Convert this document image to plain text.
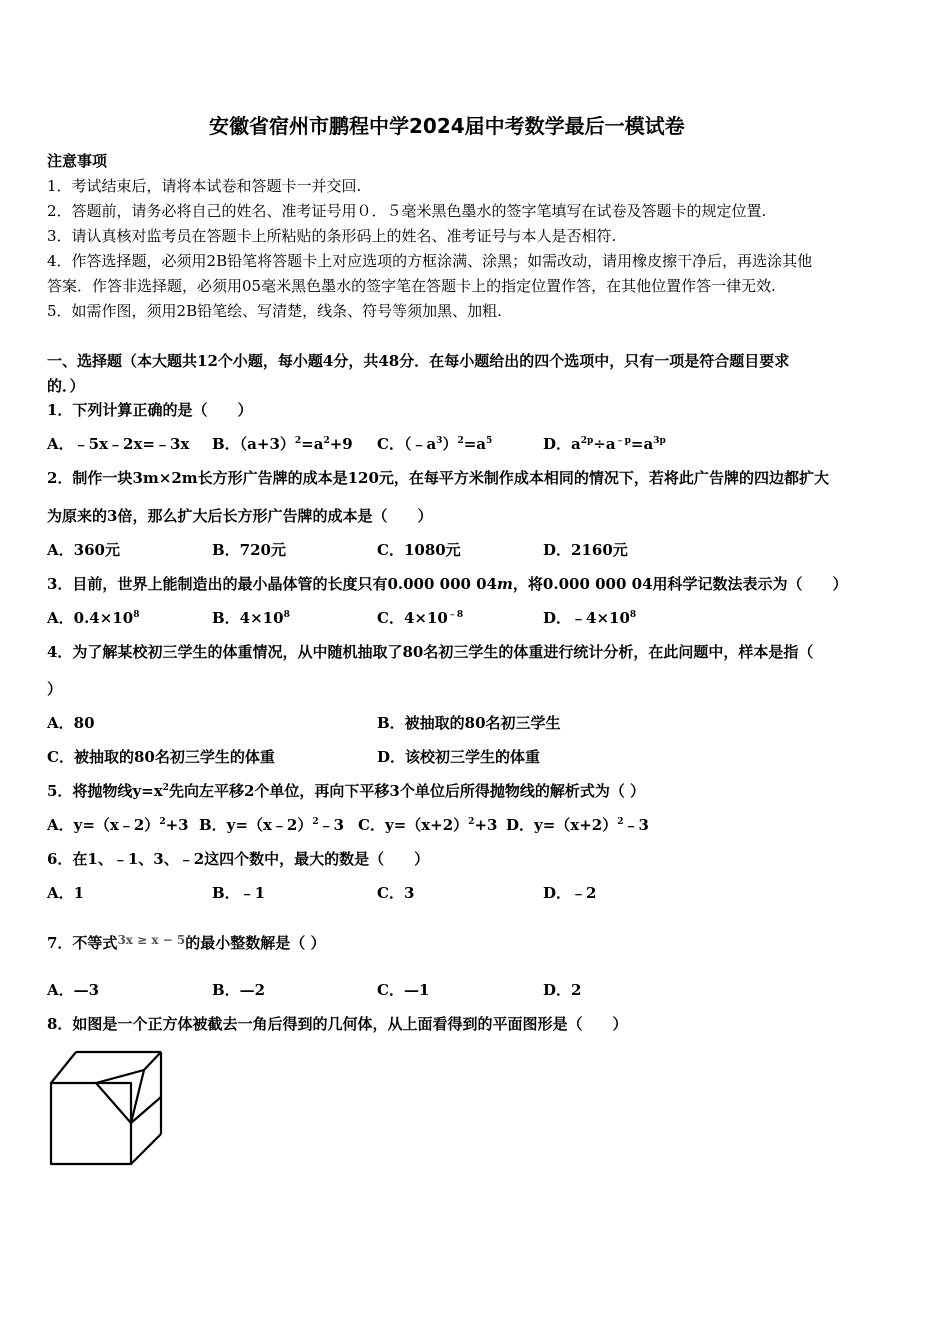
安徽省宿州市鹏程中学2024届中考数学最后一模试卷
注意事项
1．考试结束后，请将本试卷和答题卡一并交回.
2．答题前，请务必将自己的姓名、准考证号用０．５毫米黑色墨水的签字笔填写在试卷及答题卡的规定位置.
3．请认真核对监考员在答题卡上所粘贴的条形码上的姓名、准考证号与本人是否相符.
4．作答选择题，必须用2B铅笔将答题卡上对应选项的方框涂满、涂黑；如需改动，请用橡皮擦干净后，再选涂其他
答案．作答非选择题，必须用05毫米黑色墨水的签字笔在答题卡上的指定位置作答，在其他位置作答一律无效.
5．如需作图，须用2B铅笔绘、写清楚，线条、符号等须加黑、加粗.
一、选择题（本大题共12个小题，每小题4分，共48分．在每小题给出的四个选项中，只有一项是符合题目要求
的．）
1．下列计算正确的是（　　）
A．﹣5x﹣2x=﹣3x B．$(a+3)^2=a^2+9$ C．$(﹣a^3)^2=a^5$	D．$a^{2p}\div a^{﹣p}=a^{3p}$
2．制作一块3m×2m长方形广告牌的成本是120元，在每平方米制作成本相同的情况下，若将此广告牌的四边都扩大
为原来的3倍，那么扩大后长方形广告牌的成本是（　　）
A．360元	B．720元	C．1080元	D．2160元
3．目前，世界上能制造出的最小晶体管的长度只有0.000 000 04m，将0.000 000 04用科学记数法表示为（　　）
A．$0.4\times 10^8$	B．$4\times 10^8$	C．$4\times 10^{﹣8}$	D．$﹣4\times 10^8$
4．为了解某校初三学生的体重情况，从中随机抽取了80名初三学生的体重进行统计分析，在此问题中，样本是指（
）
A．80	B．被抽取的80名初三学生
C．被抽取的80名初三学生的体重	D．该校初三学生的体重
5．将抛物线$y=x^2$先向左平移2个单位，再向下平移3个单位后所得抛物线的解析式为（ ）
A．y=（x﹣2）$^2$+3 B．y=（x﹣2）$^2$﹣3 C．$y=(x+2)^2+3$ D．$y=(x+2)^2﹣3$
6．在1、﹣1、3、﹣2这四个数中，最大的数是（　　）
A．1	B．﹣1	C．3	D．﹣2
7．不等式$^{3x \ge x - 5}$的最小整数解是（ ）
A．—3	B．—2	C．—1	D．2
8．如图是一个正方体被截去一角后得到的几何体，从上面看得到的平面图形是（　　）
